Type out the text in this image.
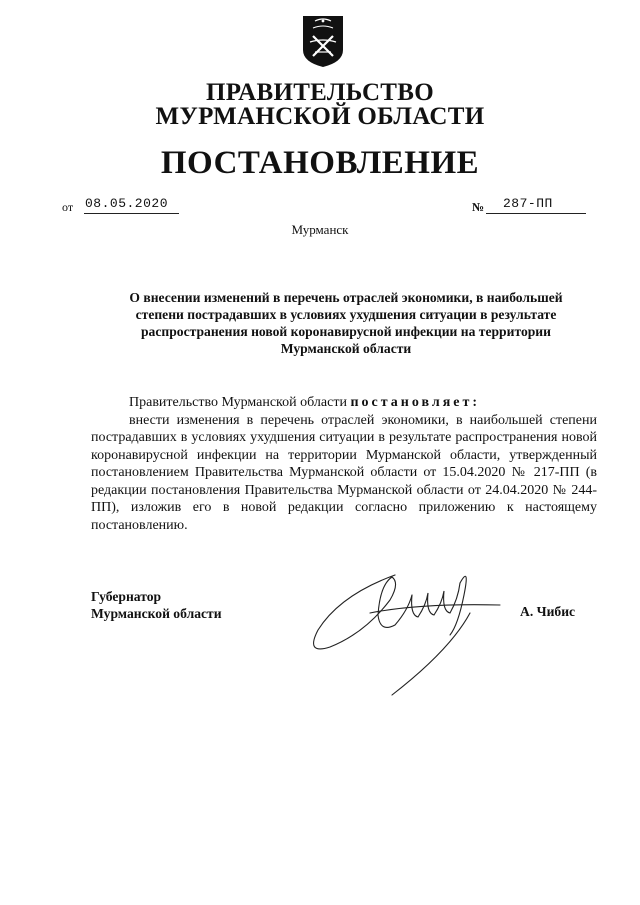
ПРАВИТЕЛЬСТВО
МУРМАНСКОЙ ОБЛАСТИ
ПОСТАНОВЛЕНИЕ
от 08.05.2020	№ 287-ПП
Мурманск
О внесении изменений в перечень отраслей экономики, в наибольшей
степени пострадавших в условиях ухудшения ситуации в результате
распространения новой коронавирусной инфекции на территории
Мурманской области

Правительство Мурманской области постановляет:

внести изменения в перечень отраслей экономики, в наибольшей степени пострадавших в условиях ухудшения ситуации в результате распространения новой коронавирусной инфекции на территории Мурманской области, утвержденный постановлением Правительства Мурманской области от 15.04.2020 № 217-ПП (в редакции постановления Правительства Мурманской области от 24.04.2020 № 244-ПП), изложив его в новой редакции согласно приложению к настоящему постановлению.

Губернатор
Мурманской области	А. Чибис
